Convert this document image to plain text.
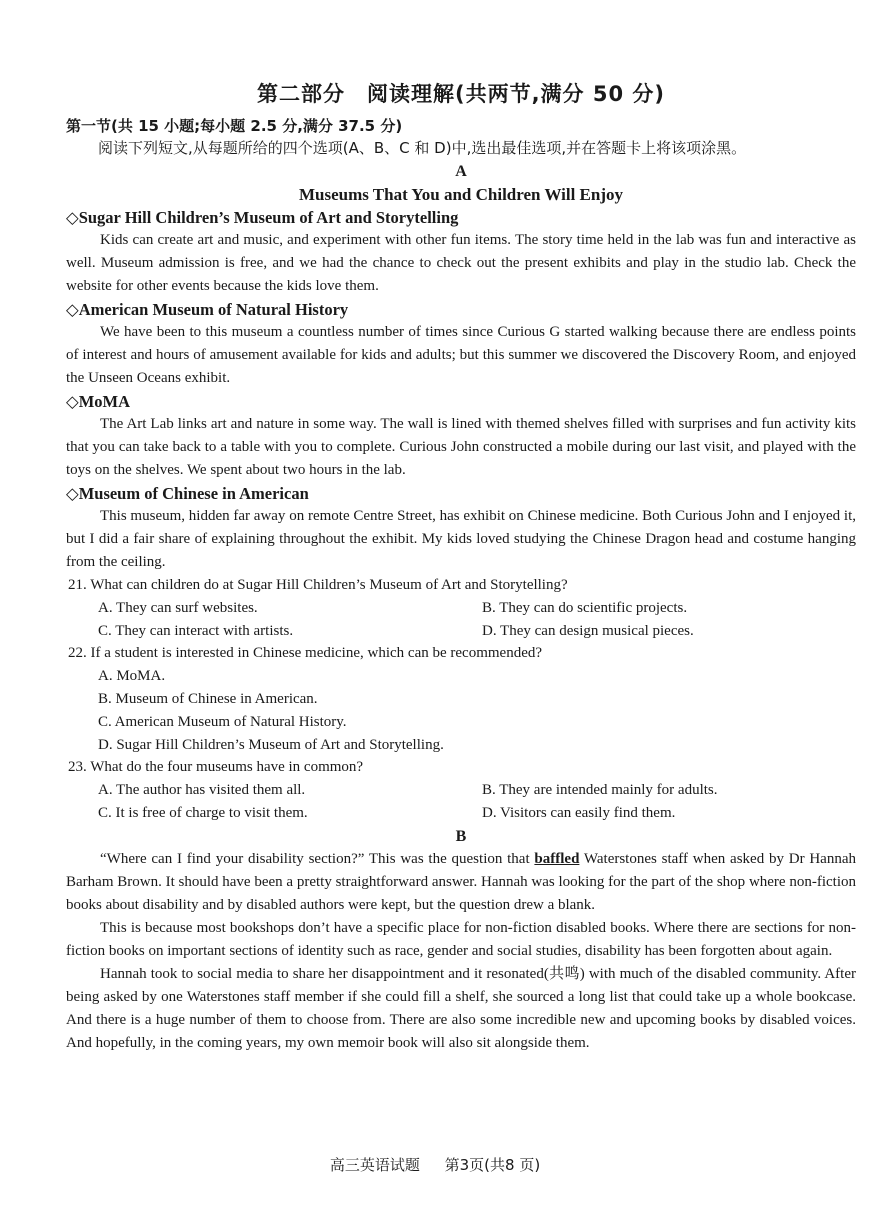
第二部分　阅读理解(共两节,满分 50 分)

第一节(共 15 小题;每小题 2.5 分,满分 37.5 分)

阅读下列短文,从每题所给的四个选项(A、B、C 和 D)中,选出最佳选项,并在答题卡上将该项涂黑。

A

Museums That You and Children Will Enjoy

◇Sugar Hill Children’s Museum of Art and Storytelling

Kids can create art and music, and experiment with other fun items. The story time held in the lab was fun and interactive as well. Museum admission is free, and we had the chance to check out the present exhibits and play in the studio lab. Check the website for other events because the kids love them.

◇American Museum of Natural History

We have been to this museum a countless number of times since Curious G started walking because there are endless points of interest and hours of amusement available for kids and adults; but this summer we discovered the Discovery Room, and enjoyed the Unseen Oceans exhibit.

◇MoMA

The Art Lab links art and nature in some way. The wall is lined with themed shelves filled with surprises and fun activity kits that you can take back to a table with you to complete. Curious John constructed a mobile during our last visit, and played with the toys on the shelves. We spent about two hours in the lab.

◇Museum of Chinese in American

This museum, hidden far away on remote Centre Street, has exhibit on Chinese medicine. Both Curious John and I enjoyed it, but I did a fair share of explaining throughout the exhibit. My kids loved studying the Chinese Dragon head and costume hanging from the ceiling.

21. What can children do at Sugar Hill Children’s Museum of Art and Storytelling?

A. They can surf websites.	B. They can do scientific projects.
C. They can interact with artists.	D. They can design musical pieces.

22. If a student is interested in Chinese medicine, which can be recommended?

A. MoMA.
B. Museum of Chinese in American.
C. American Museum of Natural History.
D. Sugar Hill Children’s Museum of Art and Storytelling.

23. What do the four museums have in common?

A. The author has visited them all.	B. They are intended mainly for adults.
C. It is free of charge to visit them.	D. Visitors can easily find them.

B

“Where can I find your disability section?” This was the question that baffled Waterstones staff when asked by Dr Hannah Barham Brown. It should have been a pretty straightforward answer. Hannah was looking for the part of the shop where non-fiction books about disability and by disabled authors were kept, but the question drew a blank.

This is because most bookshops don’t have a specific place for non-fiction disabled books. Where there are sections for non-fiction books on important sections of identity such as race, gender and social studies, disability has been forgotten about again.

Hannah took to social media to share her disappointment and it resonated(共鸣) with much of the disabled community. After being asked by one Waterstones staff member if she could fill a shelf, she sourced a long list that could take up a whole bookcase. And there is a huge number of them to choose from. There are also some incredible new and upcoming books by disabled voices. And hopefully, in the coming years, my own memoir book will also sit alongside them.

高三英语试题 第3页(共8 页)
